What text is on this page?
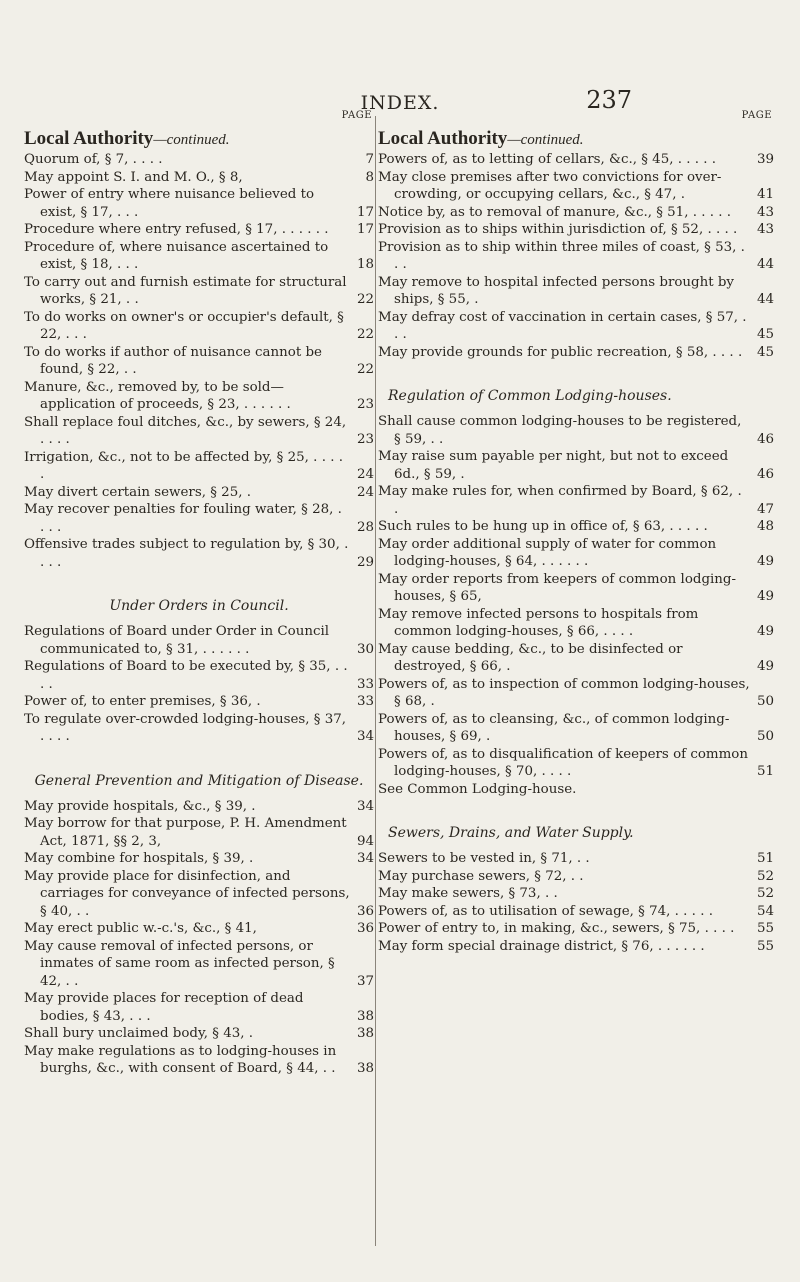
INDEX.	237
PAGE
Local Authority—continued.
Quorum of, § 7, . . . .	7
May appoint S. I. and M. O., § 8,	8
Power of entry where nuisance believed to exist, § 17, . . .	17
Procedure where entry refused, § 17, . . . . . .	17
Procedure of, where nuisance ascertained to exist, § 18, . . .	18
To carry out and furnish estimate for structural works, § 21, . .	22
To do works on owner's or occupier's default, § 22, . . .	22
To do works if author of nuisance cannot be found, § 22, . .	22
Manure, &c., removed by, to be sold—application of proceeds, § 23, . . . . . .	23
Shall replace foul ditches, &c., by sewers, § 24, . . . .	23
Irrigation, &c., not to be affected by, § 25, . . . . .	24
May divert certain sewers, § 25, .	24
May recover penalties for fouling water, § 28, . . . .	28
Offensive trades subject to regulation by, § 30, . . . .	29
Under Orders in Council.
Regulations of Board under Order in Council communicated to, § 31, . . . . . .	30
Regulations of Board to be executed by, § 35, . . . .	33
Power of, to enter premises, § 36, .	33
To regulate over-crowded lodging-houses, § 37, . . . .	34
General Prevention and Mitigation of Disease.
May provide hospitals, &c., § 39, .	34
May borrow for that purpose, P. H. Amendment Act, 1871, §§ 2, 3,	94
May combine for hospitals, § 39, .	34
May provide place for disinfection, and carriages for conveyance of infected persons, § 40, . .	36
May erect public w.-c.'s, &c., § 41,	36
May cause removal of infected persons, or inmates of same room as infected person, § 42, . .	37
May provide places for reception of dead bodies, § 43, . . .	38
Shall bury unclaimed body, § 43, .	38
May make regulations as to lodging-houses in burghs, &c., with consent of Board, § 44, . .	38
PAGE
Local Authority—continued.
Powers of, as to letting of cellars, &c., § 45, . . . . .	39
May close premises after two convictions for over-crowding, or occupying cellars, &c., § 47, .	41
Notice by, as to removal of manure, &c., § 51, . . . . .	43
Provision as to ships within jurisdiction of, § 52, . . . .	43
Provision as to ship within three miles of coast, § 53, . . .	44
May remove to hospital infected persons brought by ships, § 55, .	44
May defray cost of vaccination in certain cases, § 57, . . .	45
May provide grounds for public recreation, § 58, . . . .	45
Regulation of Common Lodging-houses.
Shall cause common lodging-houses to be registered, § 59, . .	46
May raise sum payable per night, but not to exceed 6d., § 59, .	46
May make rules for, when confirmed by Board, § 62, . .	47
Such rules to be hung up in office of, § 63, . . . . .	48
May order additional supply of water for common lodging-houses, § 64, . . . . . .	49
May order reports from keepers of common lodging-houses, § 65,	49
May remove infected persons to hospitals from common lodging-houses, § 66, . . . .	49
May cause bedding, &c., to be disinfected or destroyed, § 66, .	49
Powers of, as to inspection of common lodging-houses, § 68, .	50
Powers of, as to cleansing, &c., of common lodging-houses, § 69, .	50
Powers of, as to disqualification of keepers of common lodging-houses, § 70, . . . .	51
See Common Lodging-house.
Sewers, Drains, and Water Supply.
Sewers to be vested in, § 71, . .	51
May purchase sewers, § 72, . .	52
May make sewers, § 73, . .	52
Powers of, as to utilisation of sewage, § 74, . . . . .	54
Power of entry to, in making, &c., sewers, § 75, . . . .	55
May form special drainage district, § 76, . . . . . .	55
